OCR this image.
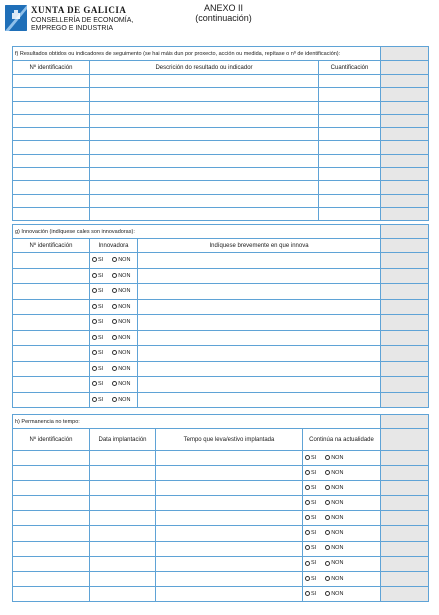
XUNTA DE GALICIA
CONSELLERÍA DE ECONOMÍA,
EMPREGO E INDUSTRIA
ANEXO II
(continuación)
f) Resultados obtidos ou indicadores de seguimento (se hai máis dun por proxecto, acción ou medida, repítase o nº de identificación):			
Nº identificación	Descrición do resultado ou indicador	Cuantificación	

g) Innovación (indíquese cales son innovadoras):			
Nº identificación	Innovadora	Indíquese brevemente en que innova	
	SI NON		
	SI NON		
	SI NON		
	SI NON		
	SI NON		
	SI NON		
	SI NON		
	SI NON		
	SI NON		
	SI NON		
h) Permanencia no tempo:				
Nº identificación	Data implantación	Tempo que leva/estivo implantada	Continúa na actualidade	
			SI NON	
			SI NON	
			SI NON	
			SI NON	
			SI NON	
			SI NON	
			SI NON	
			SI NON	
			SI NON	
			SI NON	
